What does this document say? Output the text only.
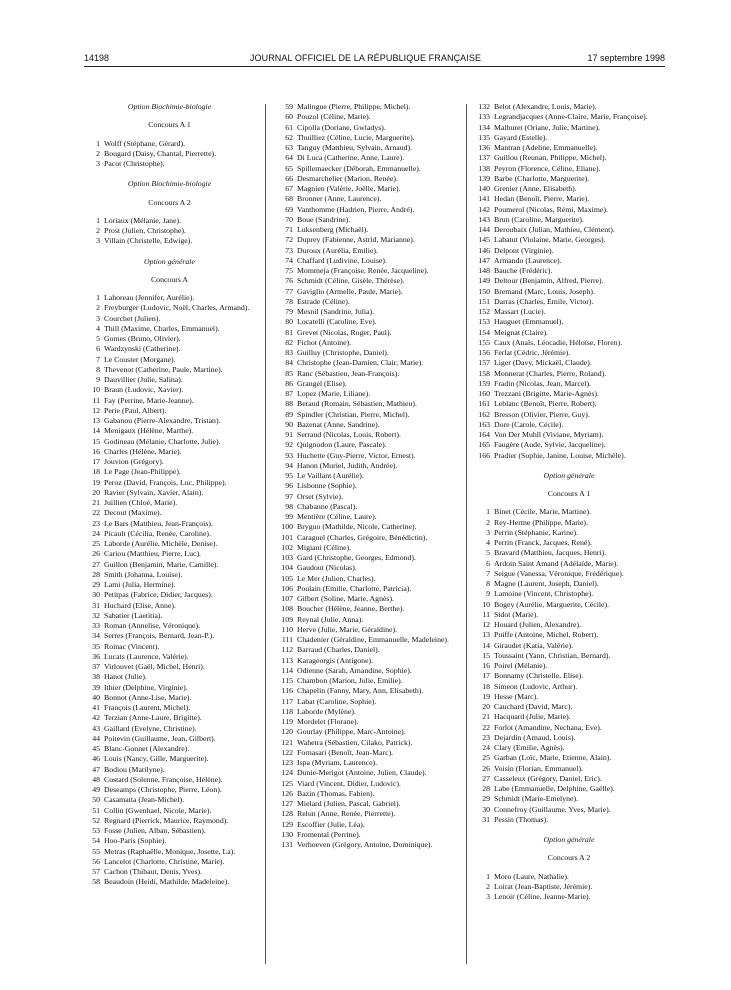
14198	JOURNAL OFFICIEL DE LA RÉPUBLIQUE FRANÇAISE	17 septembre 1998

Option Biochimie-biologie

Concours A 1

1 Wolff (Stéphane, Gérard).
2 Bougard (Daisy, Chantal, Pierrette).
3 Pacot (Christophe).

Option Biochimie-biologie

Concours A 2

1 Loriaux (Mélanie, Jane).
2 Prost (Julien, Christophe).
3 Villain (Christelle, Edwige).

Option générale

Concours A

1 Lahoreau (Jennifer, Aurélie).
2 Freyburger (Ludovic, Noël, Charles, Armand).
3 Courchet (Julien).
4 Thill (Maxime, Charles, Emmanuel).
5 Gomes (Bruno, Olivier).
6 Wardzynski (Catherine).
7 Le Couster (Morgane).
8 Thevenot (Catherine, Paule, Martine).
9 Dauvillier (Julie, Salina).
10 Braun (Ludovic, Xavier).
11 Fay (Perrine, Marie-Jeanne).
12 Perie (Paul, Albert).
13 Gabanou (Pierre-Alexandre, Tristan).
14 Menigaux (Hélène, Marthe).
15 Godineau (Mélanie, Charlotte, Julie).
16 Charles (Hélène, Marie).
17 Jouvion (Grégory).
18 Le Page (Jean-Philippe).
19 Peroz (David, François, Luc, Philippe).
20 Ravier (Sylvain, Xavier, Alain).
21 Juillien (Chloé, Marie).
22 Decout (Maxime).
23 Le Bars (Matthieu, Jean-François).
24 Picault (Cécilia, Renée, Caroline).
25 Laborde (Aurélie, Michèle, Denise).
26 Cariou (Matthieu, Pierre, Luc).
27 Guillon (Benjamin, Marie, Camille).
28 Smith (Johanna, Louise).
29 Lami (Julia, Hermine).
30 Petitpas (Fabrice, Didier, Jacques).
31 Huchard (Elise, Anne).
32 Sabatier (Laetitia).
33 Roman (Annelise, Véronique).
34 Serres (François, Bernard, Jean-P.).
35 Roinac (Vincent).
36 Lucats (Laurence, Valérie).
37 Virlouvet (Gaël, Michel, Henri).
38 Hanot (Julie).
39 Ithier (Delphine, Virginie).
40 Bonnot (Anne-Lise, Marie).
41 François (Laurent, Michel).
42 Terzian (Anne-Laure, Brigitte).
43 Gaillard (Evelyne, Christine).
44 Poitevin (Guillaume, Jean, Gilbert).
45 Blanc-Gonnet (Alexandre).
46 Louis (Nancy, Gille, Marguerite).
47 Bodiou (Marilyne).
48 Costard (Solenne, Françoise, Hélène).
49 Deseamps (Christophe, Pierre, Léon).
50 Casamatta (Jean-Michel).
51 Collin (Gwenhael, Nicole, Marie).
52 Regnard (Pierrick, Maurice, Raymond).
53 Fosse (Julien, Alban, Sébastien).
54 Hoo-Paris (Sophie).
55 Metras (Raphaëlle, Monique, Josette, La).
56 Lancelot (Charlotte, Christine, Marie).
57 Cachon (Thibaut, Denis, Yves).
58 Beaudoin (Heidi, Mathilde, Madeleine).
59 Malingue (Pierre, Philippe, Michel).
60 Pouzol (Céline, Marie).
61 Cipolla (Doriane, Gwladys).
62 Thuilliez (Céline, Lucie, Marguerite).
63 Tanguy (Matthieu, Sylvain, Arnaud).
64 Di Luca (Catherine, Anne, Laure).
65 Spillemaecker (Déborah, Emmanuelle).
66 Desmarchelier (Marion, Renée).
67 Magnien (Valérie, Joëlle, Marie).
68 Bronner (Anne, Laurence).
69 Vanthomme (Hadrien, Pierre, André).
70 Boue (Sandrine).
71 Luksenberg (Michaël).
72 Duprey (Fabienne, Astrid, Marianne).
73 Duroux (Aurélia, Emilie).
74 Chaffard (Ludivine, Louise).
75 Mommeja (Françoise, Renée, Jacqueline).
76 Schmidt (Céline, Gisèle, Thérèse).
77 Gaviglio (Armelle, Paule, Marie).
78 Estrade (Céline).
79 Mesnil (Sandrine, Julia).
80 Locatelli (Caroline, Eve).
81 Grevet (Nicolas, Roger, Paul).
82 Fichot (Antoine).
83 Guilluy (Christophe, Daniel).
84 Christophe (Jean-Damien, Clair, Marie).
85 Ranc (Sébastien, Jean-François).
86 Grangel (Elise).
87 Lopez (Marie, Liliane).
88 Beraud (Romain, Sébastien, Mathieu).
89 Spindler (Christian, Pierre, Michel).
90 Bazenat (Anne, Sandrine).
91 Serraud (Nicolas, Louis, Robert).
92 Quignodon (Laure, Pascale).
93 Huchette (Guy-Pierre, Victor, Ernest).
94 Hanon (Muriel, Judith, Andrée).
95 Le Vaillant (Aurélie).
96 Lisbonne (Sophie).
97 Orset (Sylvie).
98 Chabanne (Pascal).
99 Mentière (Céline, Laure).
100 Bryguo (Mathilde, Nicole, Catherine).
101 Caraguel (Charles, Grégoire, Bénédictin).
102 Migiani (Céline).
103 Gard (Christophe, Georges, Edmond).
104 Gaudout (Nicolas).
105 Le Mer (Julien, Charles).
106 Poulain (Emilie, Charlotte, Patricia).
107 Gilbert (Soline, Marie, Agnès).
108 Boucher (Hélène, Jeanne, Berthe).
109 Reynal (Julie, Anna).
110 Herve (Julie, Marie, Géraldine).
111 Chadenier (Géraldine, Emmanuelle, Madeleine).
112 Barraud (Charles, Daniel).
113 Karageorgis (Antigone).
114 Odienne (Sarah, Amandine, Sophie).
115 Chambon (Marion, Julie, Emilie).
116 Chapelin (Fanny, Mary, Ann, Elisabeth).
117 Labat (Caroline, Sophie).
118 Laborde (Mylène).
119 Mordelet (Florane).
120 Gourlay (Philippe, Marc-Antoine).
121 Wahetra (Sébastien, Cilako, Patrick).
122 Fornasari (Benoît, Jean-Marc).
123 Ispa (Myriam, Laurence).
124 Dunie-Merigot (Antoine, Julien, Claude).
125 Viard (Vincent, Didier, Ludovic).
126 Bazin (Thomas, Fabien).
127 Mielard (Julien, Pascal, Gabriel).
128 Relun (Anne, Renée, Pierrette).
129 Escoffier (Julie, Léa).
130 Fromental (Perrine).
131 Verhoeven (Grégory, Antoine, Dominique).
132 Belot (Alexandre, Louis, Marie).
133 Legrandjacques (Anne-Claire, Marie, Françoise).
134 Malburet (Oriane, Julie, Martine).
135 Gayard (Estelle).
136 Mantran (Adeline, Emmanuelle).
137 Guillou (Reunan, Philippe, Michel).
138 Peyron (Florence, Céline, Eliane).
139 Barbe (Charlotte, Marguerite).
140 Grenier (Anne, Elisabeth).
141 Hedan (Benoît, Pierre, Marie).
142 Poumerol (Nicolas, Rémi, Maxime).
143 Brun (Caroline, Marguerite).
144 Deroubaix (Julian, Mathieu, Clément).
145 Labatut (Violaine, Marie, Georges).
146 Delpont (Virginie).
147 Armando (Laurence).
148 Bauche (Frédéric).
149 Deltour (Benjamin, Alfred, Pierre).
150 Bremand (Marc, Louis, Joseph).
151 Darras (Charles, Emile, Victor).
152 Massart (Lucie).
153 Hauguet (Emmanuel).
154 Meignat (Claire).
155 Caux (Anaïs, Léocadie, Héloïse, Floren).
156 Ferlat (Cédric, Jérémie).
157 Liger (Davy, Mickaël, Claude).
158 Monnerat (Charles, Pierre, Roland).
159 Fradin (Nicolas, Jean, Marcel).
160 Trezzani (Brigitte, Marie-Agnès).
161 Leblanc (Benoît, Pierre, Robert).
162 Bresson (Olivier, Pierre, Guy).
163 Dore (Carole, Cécile).
164 Von Der Muhll (Viviane, Myriam).
165 Faugère (Aude, Sylvie, Jacqueline).
166 Pradier (Sophie, Janine, Louise, Michèle).

Option générale

Concours A 1

1 Binet (Cécile, Marie, Martine).
2 Rey-Herme (Philippe, Marie).
3 Perrin (Stéphanie, Karine).
4 Perrin (Franck, Jacques, René).
5 Bravard (Matthieu, Jacques, Henri).
6 Ardoin Saint Amand (Adélaïde, Marie).
7 Seigue (Vanessa, Véronique, Frédérique).
8 Magne (Laurent, Joseph, Daniel).
9 Lamoine (Vincent, Christophe).
10 Bogey (Aurélie, Marguerite, Cécile).
11 Sidot (Marie).
12 Houard (Julien, Alexandre).
13 Puiffe (Antoine, Michel, Robert).
14 Giraudet (Katia, Valérie).
15 Toussaint (Yann, Christian, Bernard).
16 Poirel (Mélanie).
17 Bonnamy (Christelle, Elise).
18 Simeon (Ludovic, Arthur).
19 Hesse (Marc).
20 Cauchard (David, Marc).
21 Hacquard (Julie, Marie).
22 Forlot (Amandine, Nechana, Eve).
23 Dejardin (Arnaud, Louis).
24 Clary (Emilie, Agnès).
25 Garban (Loïc, Marie, Etienne, Alain).
26 Voisin (Florian, Emmanuel).
27 Casseleux (Grégory, Daniel, Eric).
28 Labe (Emmanuelle, Delphine, Gaëlle).
29 Schmidt (Marie-Emelyne).
30 Connefroy (Guillaume, Yves, Marie).
31 Pessin (Thomas).

Option générale

Concours A 2

1 Moro (Laure, Nathalie).
2 Loirat (Jean-Baptiste, Jérémie).
3 Lenoir (Céline, Jeanne-Marie).
